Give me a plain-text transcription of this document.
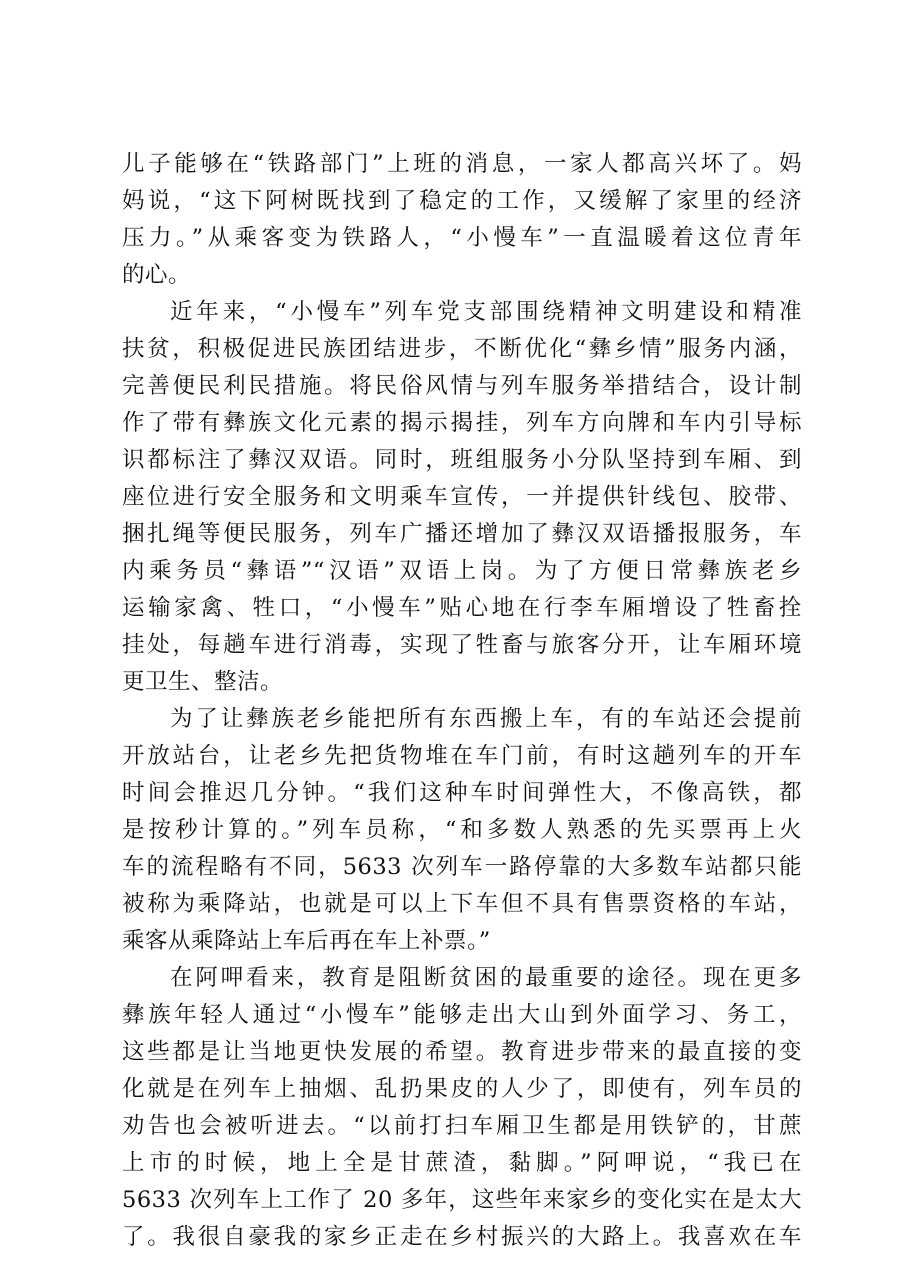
儿子能够在“铁路部门”上班的消息，一家人都高兴坏了。妈
妈说，“这下阿树既找到了稳定的工作，又缓解了家里的经济
压力。”从乘客变为铁路人，“小慢车”一直温暖着这位青年
的心。
近年来，“小慢车”列车党支部围绕精神文明建设和精准
扶贫，积极促进民族团结进步，不断优化“彝乡情”服务内涵，
完善便民利民措施。将民俗风情与列车服务举措结合，设计制
作了带有彝族文化元素的揭示揭挂，列车方向牌和车内引导标
识都标注了彝汉双语。同时，班组服务小分队坚持到车厢、到
座位进行安全服务和文明乘车宣传，一并提供针线包、胶带、
捆扎绳等便民服务，列车广播还增加了彝汉双语播报服务，车
内乘务员“彝语”“汉语”双语上岗。为了方便日常彝族老乡
运输家禽、牲口，“小慢车”贴心地在行李车厢增设了牲畜拴
挂处，每趟车进行消毒，实现了牲畜与旅客分开，让车厢环境
更卫生、整洁。
为了让彝族老乡能把所有东西搬上车，有的车站还会提前
开放站台，让老乡先把货物堆在车门前，有时这趟列车的开车
时间会推迟几分钟。“我们这种车时间弹性大，不像高铁，都
是按秒计算的。”列车员称，“和多数人熟悉的先买票再上火
车的流程略有不同，5633 次列车一路停靠的大多数车站都只能
被称为乘降站，也就是可以上下车但不具有售票资格的车站，
乘客从乘降站上车后再在车上补票。”
在阿呷看来，教育是阻断贫困的最重要的途径。现在更多
彝族年轻人通过“小慢车”能够走出大山到外面学习、务工，
这些都是让当地更快发展的希望。教育进步带来的最直接的变
化就是在列车上抽烟、乱扔果皮的人少了，即使有，列车员的
劝告也会被听进去。“以前打扫车厢卫生都是用铁铲的，甘蔗
上市的时候，地上全是甘蔗渣，黏脚。”阿呷说，“我已在
5633 次列车上工作了 20 多年，这些年来家乡的变化实在是太大
了。我很自豪我的家乡正走在乡村振兴的大路上。我喜欢在车
